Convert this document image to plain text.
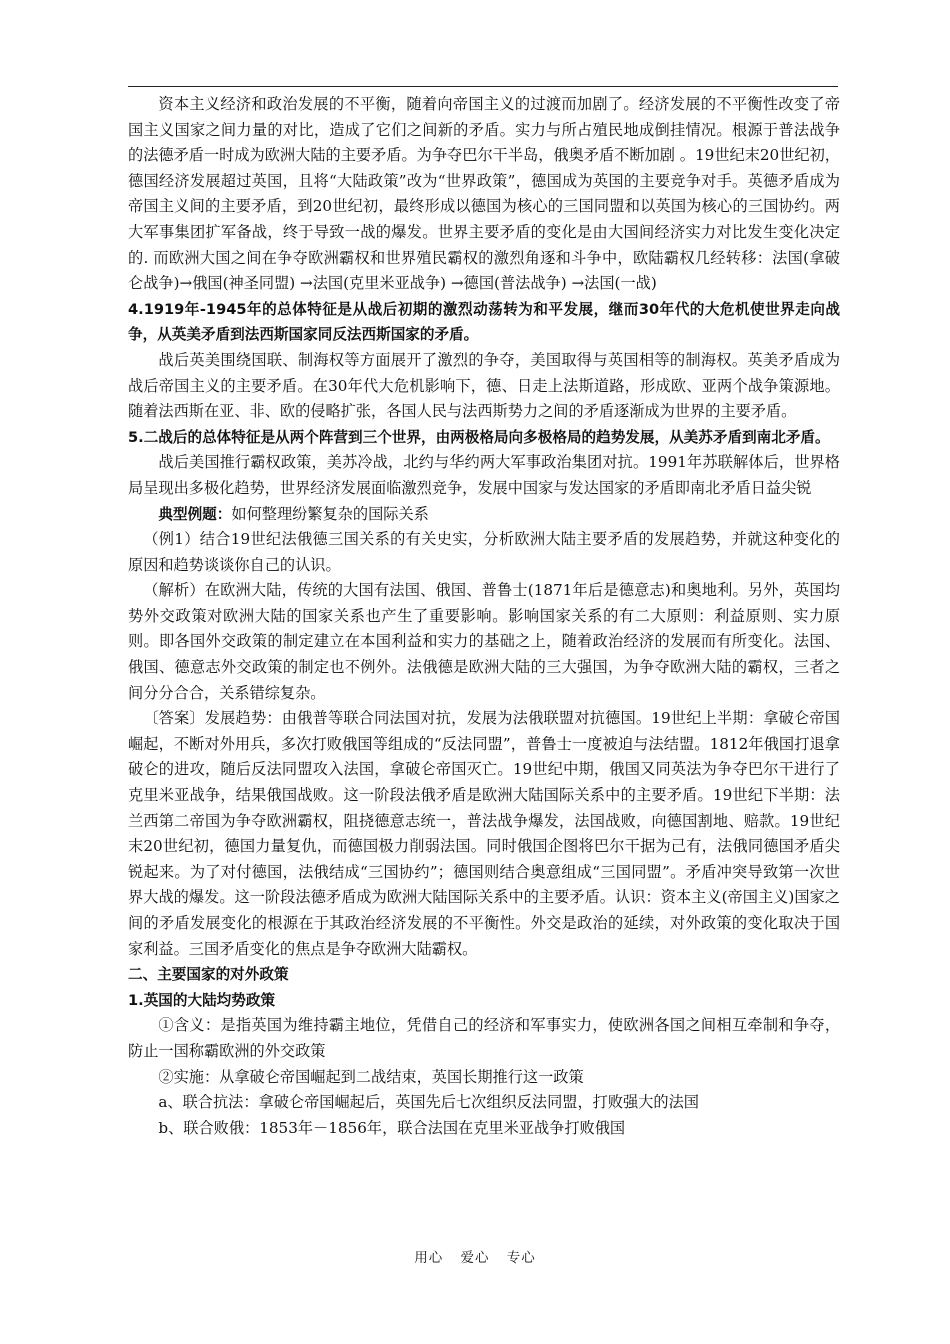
资本主义经济和政治发展的不平衡，随着向帝国主义的过渡而加剧了。经济发展的不平衡性改变了帝国主义国家之间力量的对比，造成了它们之间新的矛盾。实力与所占殖民地成倒挂情况。根源于普法战争的法德矛盾一时成为欧洲大陆的主要矛盾。为争夺巴尔干半岛，俄奥矛盾不断加剧 。19世纪末20世纪初，德国经济发展超过英国，且将“大陆政策”改为“世界政策”，德国成为英国的主要竞争对手。英德矛盾成为帝国主义间的主要矛盾，到20世纪初，最终形成以德国为核心的三国同盟和以英国为核心的三国协约。两大军事集团扩军备战，终于导致一战的爆发。世界主要矛盾的变化是由大国间经济实力对比发生变化决定的. 而欧洲大国之间在争夺欧洲霸权和世界殖民霸权的激烈角逐和斗争中，欧陆霸权几经转移：法国(拿破仑战争)→俄国(神圣同盟) →法国(克里米亚战争) →德国(普法战争) →法国(一战)

4.1919年-1945年的总体特征是从战后初期的激烈动荡转为和平发展，继而30年代的大危机使世界走向战争，从英美矛盾到法西斯国家同反法西斯国家的矛盾。

战后英美围绕国联、制海权等方面展开了激烈的争夺，美国取得与英国相等的制海权。英美矛盾成为战后帝国主义的主要矛盾。在30年代大危机影响下，德、日走上法斯道路，形成欧、亚两个战争策源地。随着法西斯在亚、非、欧的侵略扩张，各国人民与法西斯势力之间的矛盾逐渐成为世界的主要矛盾。

5.二战后的总体特征是从两个阵营到三个世界，由两极格局向多极格局的趋势发展，从美苏矛盾到南北矛盾。

战后美国推行霸权政策，美苏冷战，北约与华约两大军事政治集团对抗。1991年苏联解体后，世界格局呈现出多极化趋势，世界经济发展面临激烈竞争，发展中国家与发达国家的矛盾即南北矛盾日益尖锐

典型例题：如何整理纷繁复杂的国际关系

（例1）结合19世纪法俄德三国关系的有关史实，分析欧洲大陆主要矛盾的发展趋势，并就这种变化的原因和趋势谈谈你自己的认识。

（解析）在欧洲大陆，传统的大国有法国、俄国、普鲁士(1871年后是德意志)和奥地利。另外，英国均势外交政策对欧洲大陆的国家关系也产生了重要影响。影响国家关系的有二大原则：利益原则、实力原则。即各国外交政策的制定建立在本国利益和实力的基础之上，随着政治经济的发展而有所变化。法国、俄国、德意志外交政策的制定也不例外。法俄德是欧洲大陆的三大强国，为争夺欧洲大陆的霸权，三者之间分分合合，关系错综复杂。

〔答案〕发展趋势：由俄普等联合同法国对抗，发展为法俄联盟对抗德国。19世纪上半期：拿破仑帝国崛起，不断对外用兵，多次打败俄国等组成的“反法同盟”，普鲁士一度被迫与法结盟。1812年俄国打退拿破仑的进攻，随后反法同盟攻入法国，拿破仑帝国灭亡。19世纪中期，俄国又同英法为争夺巴尔干进行了克里米亚战争，结果俄国战败。这一阶段法俄矛盾是欧洲大陆国际关系中的主要矛盾。19世纪下半期：法兰西第二帝国为争夺欧洲霸权，阻挠德意志统一，普法战争爆发，法国战败，向德国割地、赔款。19世纪末20世纪初，德国力量复仇，而德国极力削弱法国。同时俄国企图将巴尔干据为己有，法俄同德国矛盾尖锐起来。为了对付德国，法俄结成“三国协约”；德国则结合奥意组成“三国同盟”。矛盾冲突导致第一次世界大战的爆发。这一阶段法德矛盾成为欧洲大陆国际关系中的主要矛盾。认识：资本主义(帝国主义)国家之间的矛盾发展变化的根源在于其政治经济发展的不平衡性。外交是政治的延续，对外政策的变化取决于国家利益。三国矛盾变化的焦点是争夺欧洲大陆霸权。

二、主要国家的对外政策

1.英国的大陆均势政策

①含义：是指英国为维持霸主地位，凭借自己的经济和军事实力，使欧洲各国之间相互牵制和争夺，防止一国称霸欧洲的外交政策

②实施：从拿破仑帝国崛起到二战结束，英国长期推行这一政策

a、联合抗法：拿破仑帝国崛起后，英国先后七次组织反法同盟，打败强大的法国

b、联合败俄：1853年－1856年，联合法国在克里米亚战争打败俄国

用心 爱心 专心
